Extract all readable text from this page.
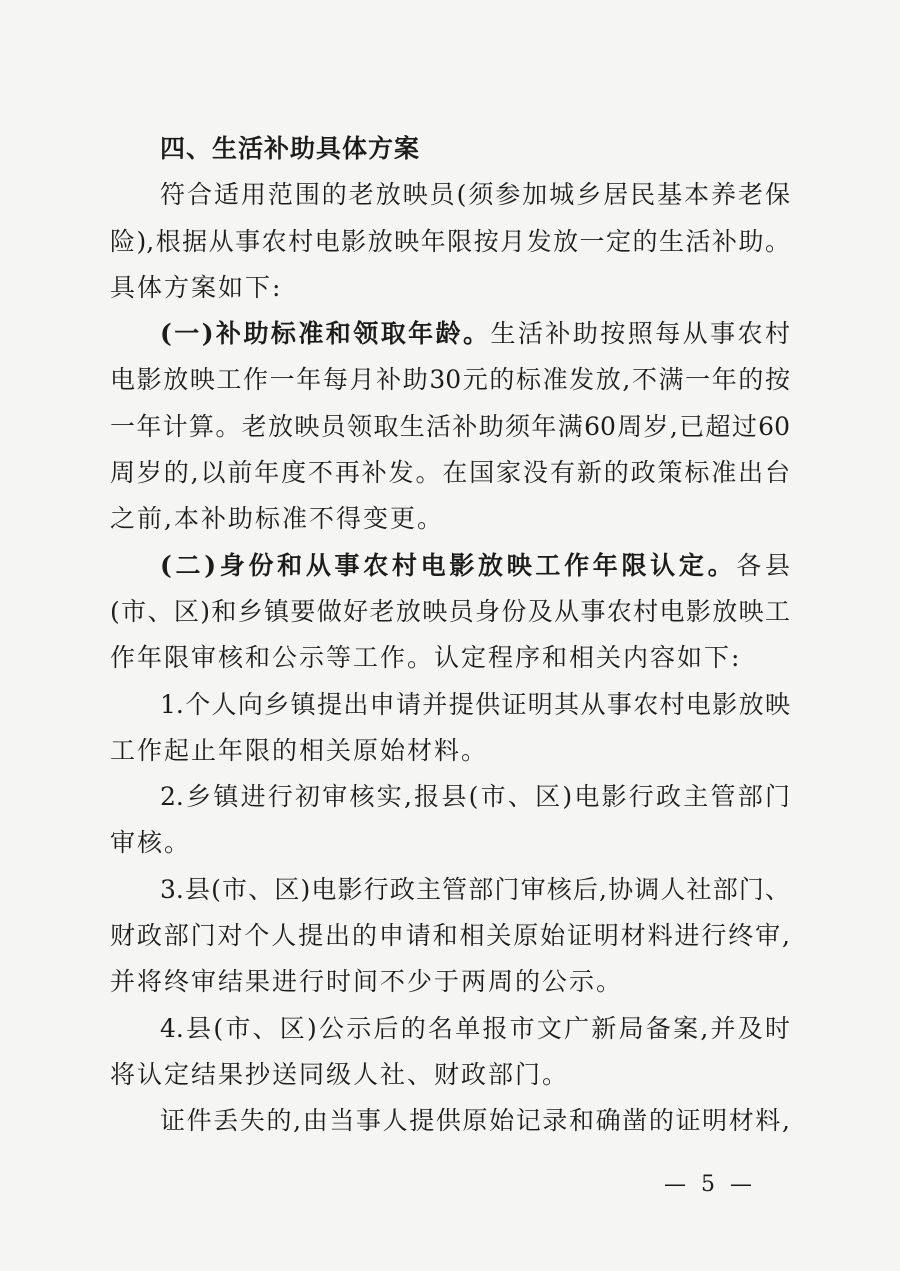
四、生活补助具体方案
符合适用范围的老放映员(须参加城乡居民基本养老保
险),根据从事农村电影放映年限按月发放一定的生活补助。
具体方案如下:
(一)补助标准和领取年龄。生活补助按照每从事农村
电影放映工作一年每月补助30元的标准发放,不满一年的按
一年计算。老放映员领取生活补助须年满60周岁,已超过60
周岁的,以前年度不再补发。在国家没有新的政策标准出台
之前,本补助标准不得变更。
(二)身份和从事农村电影放映工作年限认定。各县
(市、区)和乡镇要做好老放映员身份及从事农村电影放映工
作年限审核和公示等工作。认定程序和相关内容如下:
1.个人向乡镇提出申请并提供证明其从事农村电影放映
工作起止年限的相关原始材料。
2.乡镇进行初审核实,报县(市、区)电影行政主管部门
审核。
3.县(市、区)电影行政主管部门审核后,协调人社部门、
财政部门对个人提出的申请和相关原始证明材料进行终审,
并将终审结果进行时间不少于两周的公示。
4.县(市、区)公示后的名单报市文广新局备案,并及时
将认定结果抄送同级人社、财政部门。
证件丢失的,由当事人提供原始记录和确凿的证明材料,
— 5 —
